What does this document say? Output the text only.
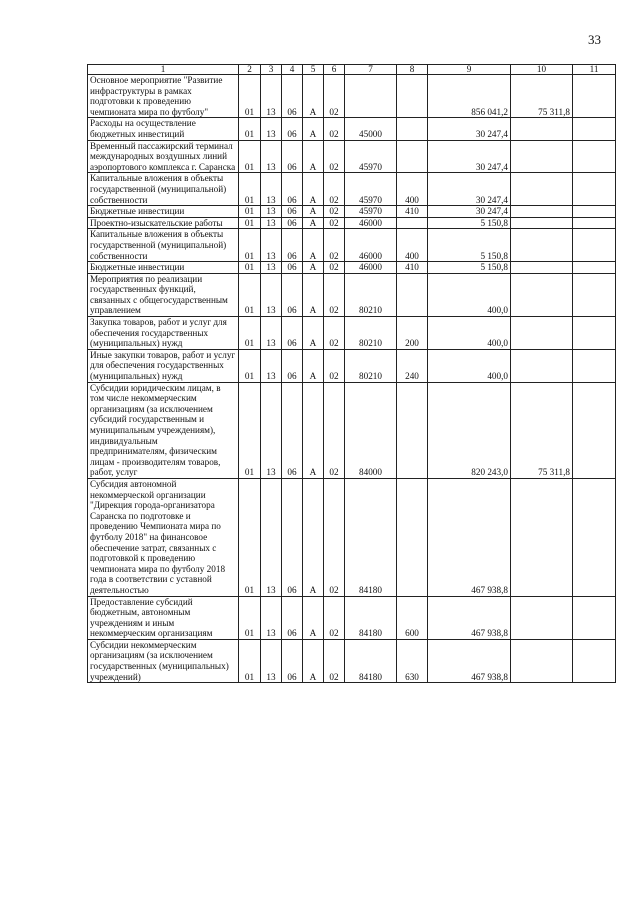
33
1	2	3	4	5	6	7	8	9	10	11
Основное мероприятие "Развитие инфраструктуры в рамках подготовки к проведению чемпионата мира по футболу"	01	13	06	А	02			856 041,2	75 311,8	
Расходы на осуществление бюджетных инвестиций	01	13	06	А	02	45000		30 247,4		
Временный пассажирский терминал международных воздушных линий аэропортового комплекса г. Саранска	01	13	06	А	02	45970		30 247,4		
Капитальные вложения в объекты государственной (муниципальной) собственности	01	13	06	А	02	45970	400	30 247,4		
Бюджетные инвестиции	01	13	06	А	02	45970	410	30 247,4		
Проектно-изыскательские работы	01	13	06	А	02	46000		5 150,8		
Капитальные вложения в объекты государственной (муниципальной) собственности	01	13	06	А	02	46000	400	5 150,8		
Бюджетные инвестиции	01	13	06	А	02	46000	410	5 150,8		
Мероприятия по реализации государственных функций, связанных с общегосударственным управлением	01	13	06	А	02	80210		400,0		
Закупка товаров, работ и услуг для обеспечения государственных (муниципальных) нужд	01	13	06	А	02	80210	200	400,0		
Иные закупки товаров, работ и услуг для обеспечения государственных (муниципальных) нужд	01	13	06	А	02	80210	240	400,0		
Субсидии юридическим лицам, в том числе некоммерческим организациям (за исключением субсидий государственным и муниципальным учреждениям), индивидуальным предпринимателям, физическим лицам - производителям товаров, работ, услуг	01	13	06	А	02	84000		820 243,0	75 311,8	
Субсидия автономной некоммерческой организации "Дирекция города-организатора Саранска по подготовке и проведению Чемпионата мира по футболу 2018" на финансовое обеспечение затрат, связанных с подготовкой к проведению чемпионата мира по футболу 2018 года в соответствии с уставной деятельностью	01	13	06	А	02	84180		467 938,8		
Предоставление субсидий бюджетным, автономным учреждениям и иным некоммерческим организациям	01	13	06	А	02	84180	600	467 938,8		
Субсидии некоммерческим организациям (за исключением государственных (муниципальных) учреждений)	01	13	06	А	02	84180	630	467 938,8		
